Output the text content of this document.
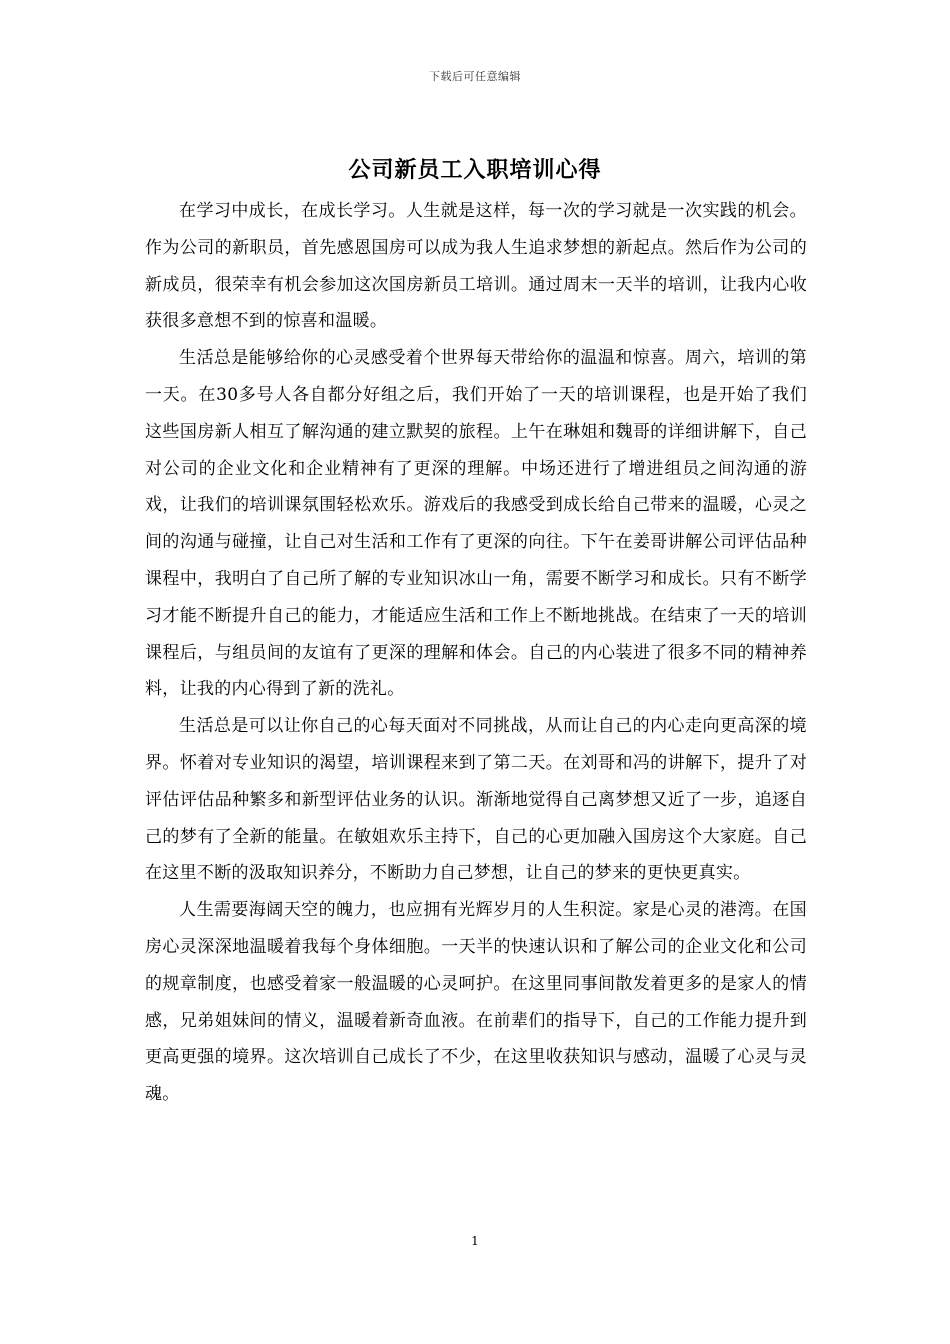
下载后可任意编辑
公司新员工入职培训心得

在学习中成长，在成长学习。人生就是这样，每一次的学习就是一次实践的机会。作为公司的新职员，首先感恩国房可以成为我人生追求梦想的新起点。然后作为公司的新成员，很荣幸有机会参加这次国房新员工培训。通过周末一天半的培训，让我内心收获很多意想不到的惊喜和温暖。

生活总是能够给你的心灵感受着个世界每天带给你的温温和惊喜。周六，培训的第一天。在30多号人各自都分好组之后，我们开始了一天的培训课程，也是开始了我们这些国房新人相互了解沟通的建立默契的旅程。上午在琳姐和魏哥的详细讲解下，自己对公司的企业文化和企业精神有了更深的理解。中场还进行了增进组员之间沟通的游戏，让我们的培训课氛围轻松欢乐。游戏后的我感受到成长给自己带来的温暖，心灵之间的沟通与碰撞，让自己对生活和工作有了更深的向往。下午在姜哥讲解公司评估品种课程中，我明白了自己所了解的专业知识冰山一角，需要不断学习和成长。只有不断学习才能不断提升自己的能力，才能适应生活和工作上不断地挑战。在结束了一天的培训课程后，与组员间的友谊有了更深的理解和体会。自己的内心装进了很多不同的精神养料，让我的内心得到了新的洗礼。

生活总是可以让你自己的心每天面对不同挑战，从而让自己的内心走向更高深的境界。怀着对专业知识的渴望，培训课程来到了第二天。在刘哥和冯的讲解下，提升了对评估评估品种繁多和新型评估业务的认识。渐渐地觉得自己离梦想又近了一步，追逐自己的梦有了全新的能量。在敏姐欢乐主持下，自己的心更加融入国房这个大家庭。自己在这里不断的汲取知识养分，不断助力自己梦想，让自己的梦来的更快更真实。

人生需要海阔天空的魄力，也应拥有光辉岁月的人生积淀。家是心灵的港湾。在国房心灵深深地温暖着我每个身体细胞。一天半的快速认识和了解公司的企业文化和公司的规章制度，也感受着家一般温暖的心灵呵护。在这里同事间散发着更多的是家人的情感，兄弟姐妹间的情义，温暖着新奇血液。在前辈们的指导下，自己的工作能力提升到更高更强的境界。这次培训自己成长了不少，在这里收获知识与感动，温暖了心灵与灵魂。

1
